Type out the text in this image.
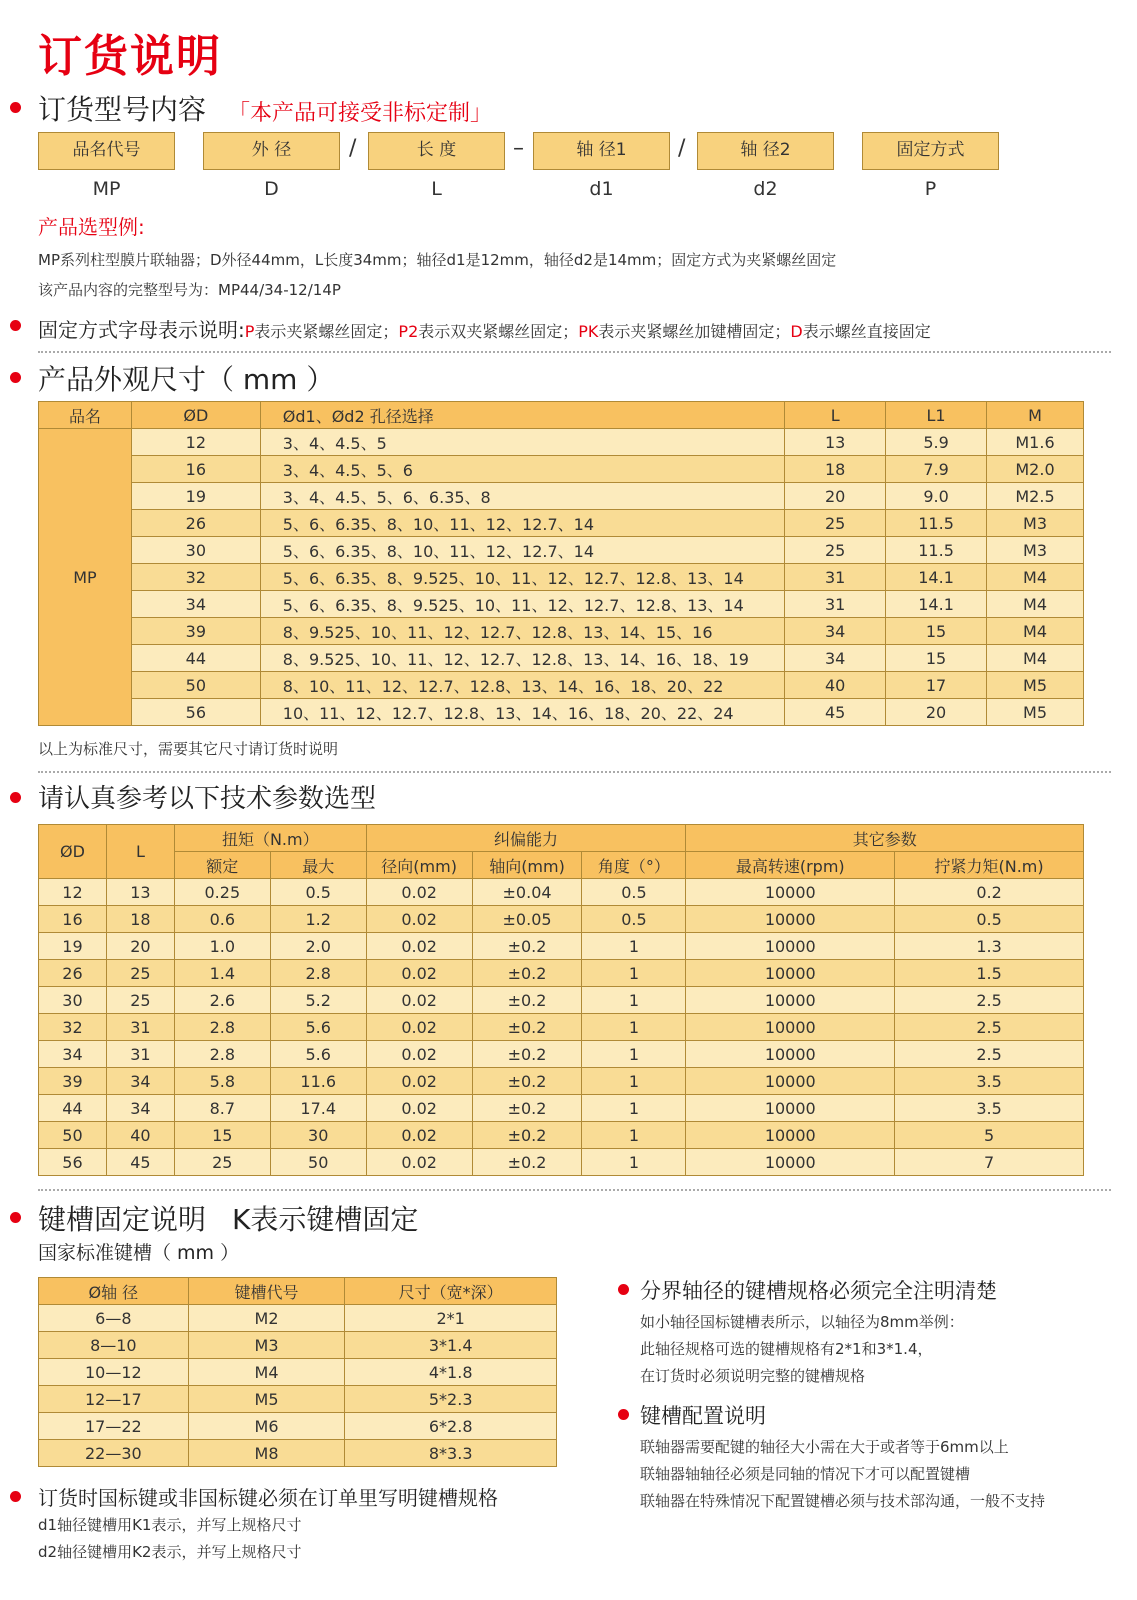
订货说明
订货型号内容 「本产品可接受非标定制」
品名代号	外 径	/	长 度	–	轴 径1	/	轴 径2	固定方式
MP	D	L	d1	d2	P
产品选型例:
MP系列柱型膜片联轴器；D外径44mm，L长度34mm；轴径d1是12mm，轴径d2是14mm；固定方式为夹紧螺丝固定
该产品内容的完整型号为：MP44/34-12/14P
固定方式字母表示说明:P表示夹紧螺丝固定；P2表示双夹紧螺丝固定；PK表示夹紧螺丝加键槽固定；D表示螺丝直接固定
产品外观尺寸（ mm ）
品名	ØD	Ød1、Ød2 孔径选择	L	L1	M
MP	12	3、4、4.5、5	13	5.9	M1.6
	16	3、4、4.5、5、6	18	7.9	M2.0
	19	3、4、4.5、5、6、6.35、8	20	9.0	M2.5
	26	5、6、6.35、8、10、11、12、12.7、14	25	11.5	M3
	30	5、6、6.35、8、10、11、12、12.7、14	25	11.5	M3
	32	5、6、6.35、8、9.525、10、11、12、12.7、12.8、13、14	31	14.1	M4
	34	5、6、6.35、8、9.525、10、11、12、12.7、12.8、13、14	31	14.1	M4
	39	8、9.525、10、11、12、12.7、12.8、13、14、15、16	34	15	M4
	44	8、9.525、10、11、12、12.7、12.8、13、14、16、18、19	34	15	M4
	50	8、10、11、12、12.7、12.8、13、14、16、18、20、22	40	17	M5
	56	10、11、12、12.7、12.8、13、14、16、18、20、22、24	45	20	M5
以上为标准尺寸，需要其它尺寸请订货时说明
请认真参考以下技术参数选型
ØD	L	扭矩（N.m）		纠偏能力			其它参数	
		额定	最大	径向(mm)	轴向(mm)	角度（°）	最高转速(rpm)	拧紧力矩(N.m)
12	13	0.25	0.5	0.02	±0.04	0.5	10000	0.2
16	18	0.6	1.2	0.02	±0.05	0.5	10000	0.5
19	20	1.0	2.0	0.02	±0.2	1	10000	1.3
26	25	1.4	2.8	0.02	±0.2	1	10000	1.5
30	25	2.6	5.2	0.02	±0.2	1	10000	2.5
32	31	2.8	5.6	0.02	±0.2	1	10000	2.5
34	31	2.8	5.6	0.02	±0.2	1	10000	2.5
39	34	5.8	11.6	0.02	±0.2	1	10000	3.5
44	34	8.7	17.4	0.02	±0.2	1	10000	3.5
50	40	15	30	0.02	±0.2	1	10000	5
56	45	25	50	0.02	±0.2	1	10000	7
键槽固定说明 K表示键槽固定
国家标准键槽（ mm ）
Ø轴 径	键槽代号	尺寸（宽*深）
6—8	M2	2*1
8—10	M3	3*1.4
10—12	M4	4*1.8
12—17	M5	5*2.3
17—22	M6	6*2.8
22—30	M8	8*3.3
订货时国标键或非国标键必须在订单里写明键槽规格
d1轴径键槽用K1表示，并写上规格尺寸
d2轴径键槽用K2表示，并写上规格尺寸
分界轴径的键槽规格必须完全注明清楚
如小轴径国标键槽表所示，以轴径为8mm举例：
此轴径规格可选的键槽规格有2*1和3*1.4，
在订货时必须说明完整的键槽规格
键槽配置说明
联轴器需要配键的轴径大小需在大于或者等于6mm以上
联轴器轴轴径必须是同轴的情况下才可以配置键槽
联轴器在特殊情况下配置键槽必须与技术部沟通，一般不支持
